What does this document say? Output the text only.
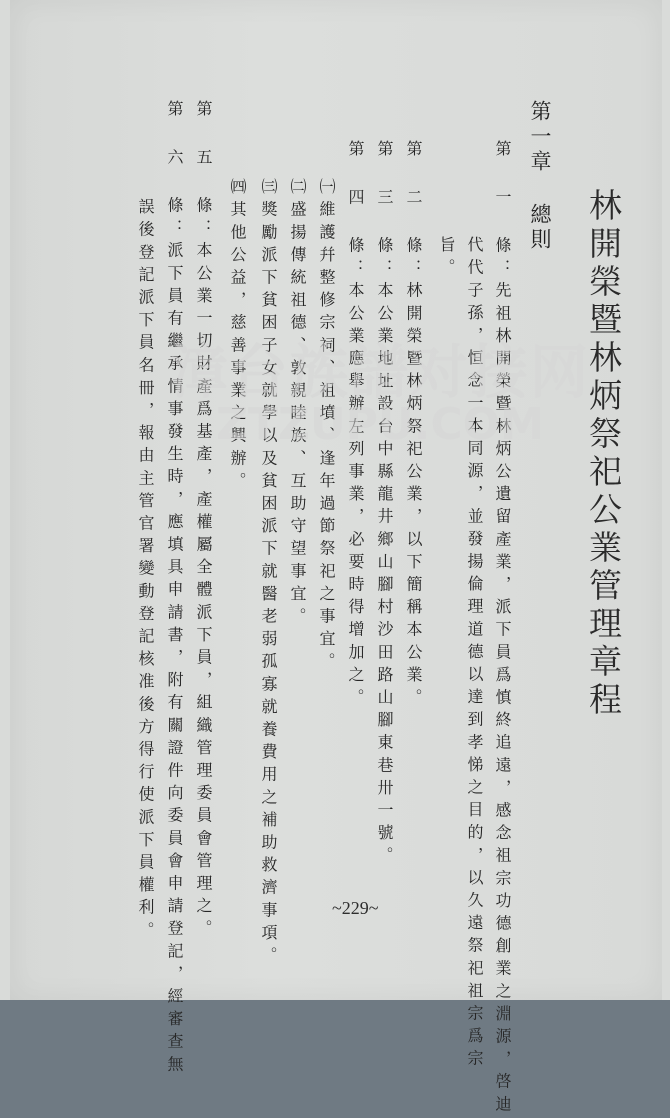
林開榮暨林炳祭祀公業管理章程
第一章 總則
第 一 條：先祖林開榮暨林炳公遺留產業，派下員爲慎終追遠，感念祖宗功德創業之淵源，啓迪
代代子孫，恒念一本同源，並發揚倫理道德以達到孝悌之目的，以久遠祭祀祖宗爲宗
旨。
第 二 條：林開榮暨林炳祭祀公業，以下簡稱本公業。
第 三 條：本公業地址設台中縣龍井鄉山腳村沙田路山腳東巷卅一號。
第 四 條：本公業應舉辦左列事業，必要時得增加之。
㈠維護幷整修宗祠、祖墳、逢年過節祭祀之事宜。
㈡盛揚傳統祖德、敦親睦族、互助守望事宜。
㈢獎勵派下貧困子女就學以及貧困派下就醫老弱孤寡就養費用之補助救濟事項。
㈣其他公益，慈善事業之興辦。
第 五 條：本公業一切財產爲基產，產權屬全體派下員，組織管理委員會管理之。
第 六 條：派下員有繼承情事發生時，應填具申請書，附有關證件向委員會申請登記，經審查無
誤後登記派下員名冊，報由主管官署變動登記核准後方得行使派下員權利。	~229~
漳台族譜对接网
ZTZUPU.COM
